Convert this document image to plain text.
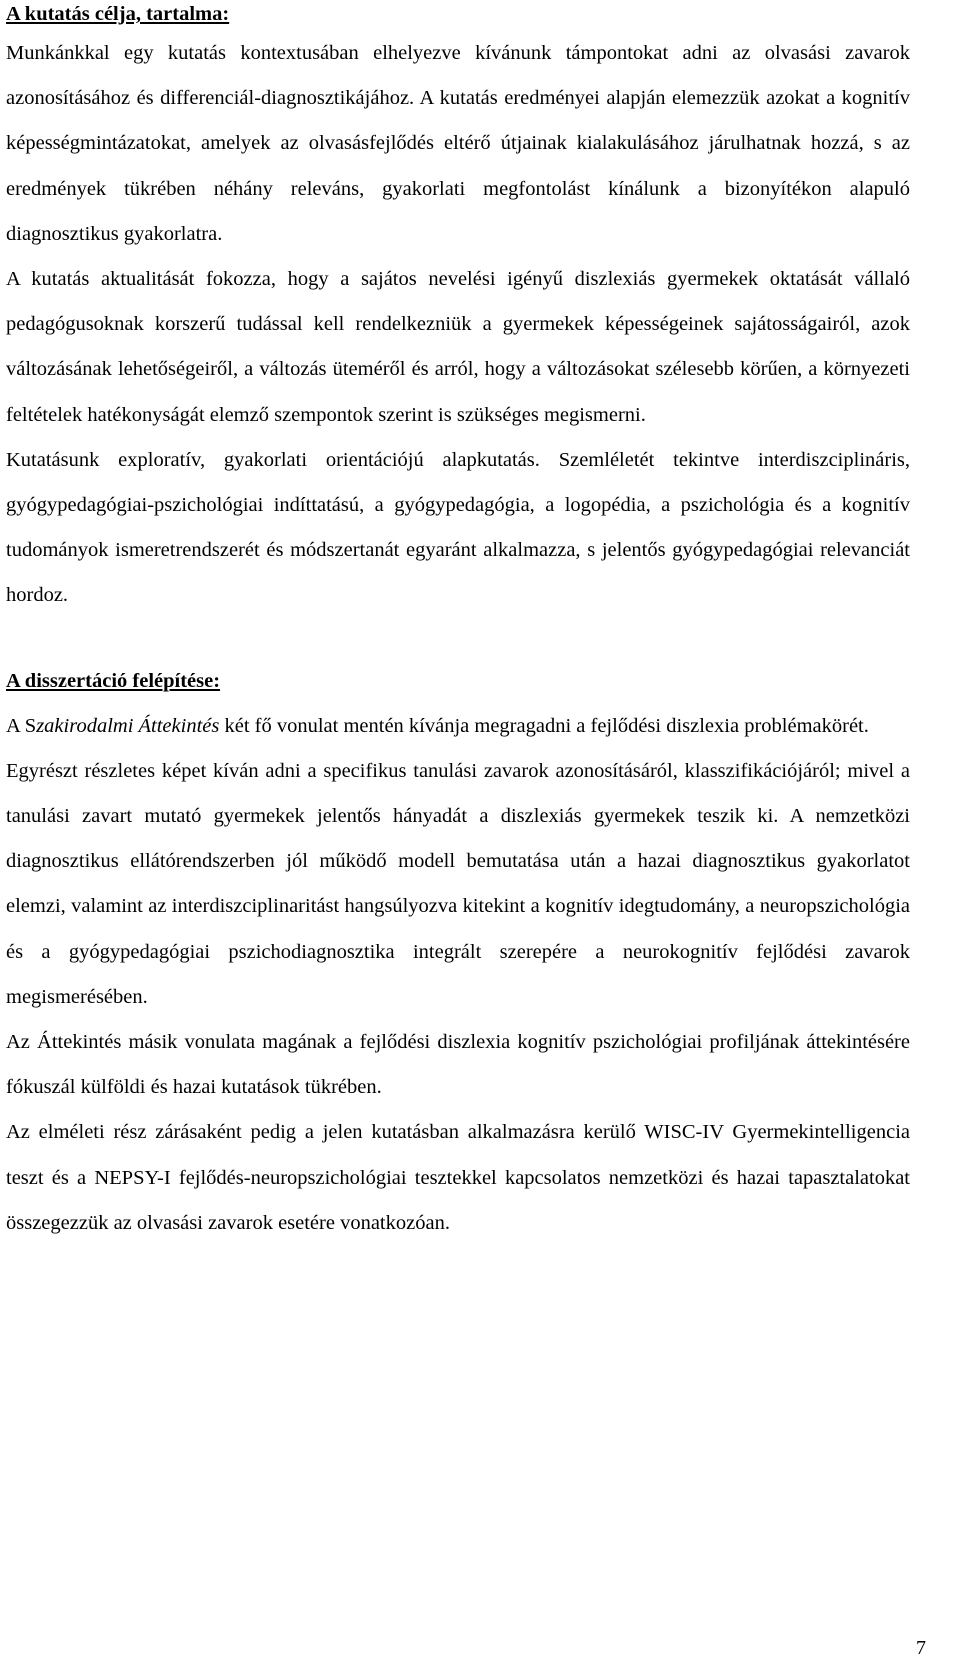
A kutatás célja, tartalma:

Munkánkkal egy kutatás kontextusában elhelyezve kívánunk támpontokat adni az olvasási zavarok azonosításához és differenciál-diagnosztikájához. A kutatás eredményei alapján elemezzük azokat a kognitív képességmintázatokat, amelyek az olvasásfejlődés eltérő útjainak kialakulásához járulhatnak hozzá, s az eredmények tükrében néhány releváns, gyakorlati megfontolást kínálunk a bizonyítékon alapuló diagnosztikus gyakorlatra.

A kutatás aktualitását fokozza, hogy a sajátos nevelési igényű diszlexiás gyermekek oktatását vállaló pedagógusoknak korszerű tudással kell rendelkezniük a gyermekek képességeinek sajátosságairól, azok változásának lehetőségeiről, a változás üteméről és arról, hogy a változásokat szélesebb körűen, a környezeti feltételek hatékonyságát elemző szempontok szerint is szükséges megismerni.

Kutatásunk exploratív, gyakorlati orientációjú alapkutatás. Szemléletét tekintve interdiszciplináris, gyógypedagógiai-pszichológiai indíttatású, a gyógypedagógia, a logopédia, a pszichológia és a kognitív tudományok ismeretrendszerét és módszertanát egyaránt alkalmazza, s jelentős gyógypedagógiai relevanciát hordoz.

A disszertáció felépítése:

A Szakirodalmi Áttekintés két fő vonulat mentén kívánja megragadni a fejlődési diszlexia problémakörét.

Egyrészt részletes képet kíván adni a specifikus tanulási zavarok azonosításáról, klasszifikációjáról; mivel a tanulási zavart mutató gyermekek jelentős hányadát a diszlexiás gyermekek teszik ki. A nemzetközi diagnosztikus ellátórendszerben jól működő modell bemutatása után a hazai diagnosztikus gyakorlatot elemzi, valamint az interdiszciplinaritást hangsúlyozva kitekint a kognitív idegtudomány, a neuropszichológia és a gyógypedagógiai pszichodiagnosztika integrált szerepére a neurokognitív fejlődési zavarok megismerésében.

Az Áttekintés másik vonulata magának a fejlődési diszlexia kognitív pszichológiai profiljának áttekintésére fókuszál külföldi és hazai kutatások tükrében.

Az elméleti rész zárásaként pedig a jelen kutatásban alkalmazásra kerülő WISC-IV Gyermekintelligencia teszt és a NEPSY-I fejlődés-neuropszichológiai tesztekkel kapcsolatos nemzetközi és hazai tapasztalatokat összegezzük az olvasási zavarok esetére vonatkozóan.

7
